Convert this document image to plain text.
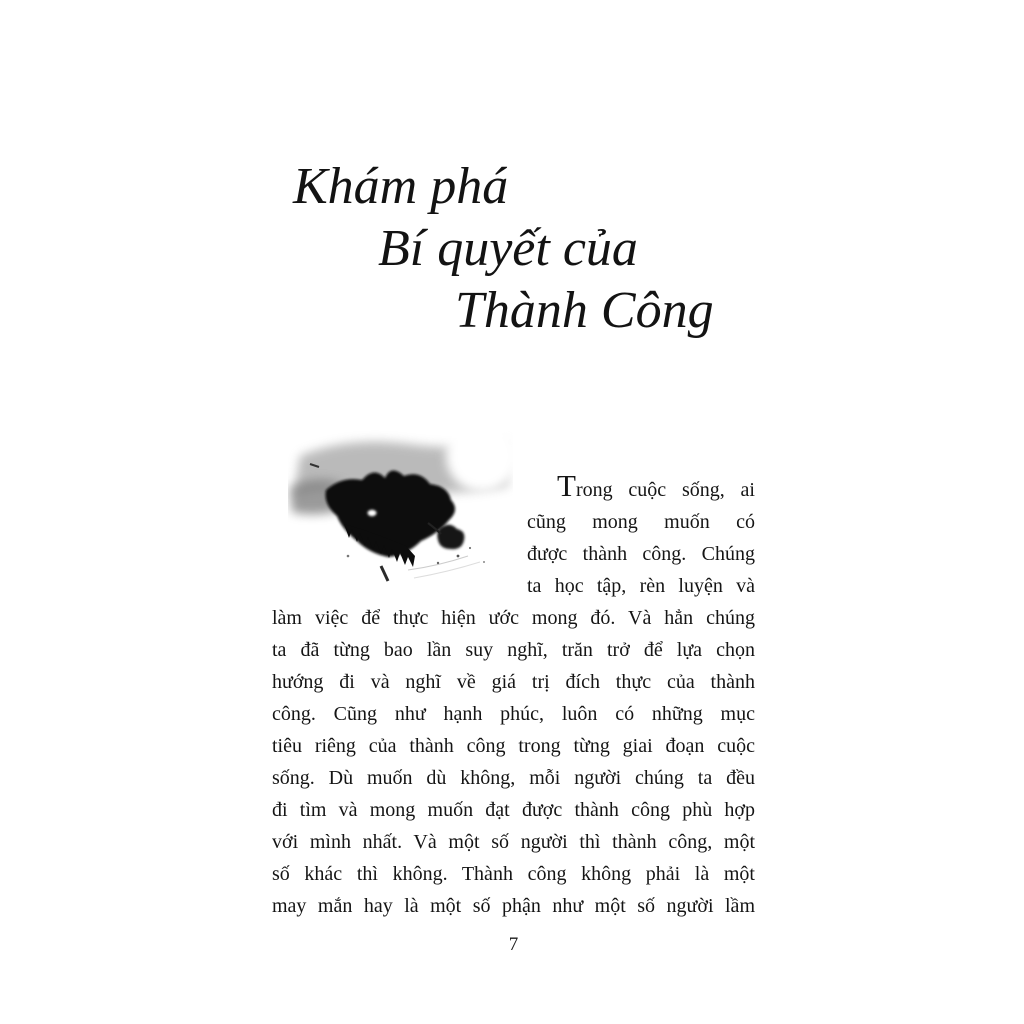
Khám phá
Bí quyết của
Thành Công
Trong cuộc sống, ai
cũng mong muốn có
được thành công. Chúng
ta học tập, rèn luyện và
làm việc để thực hiện ước mong đó. Và hẳn chúng
ta đã từng bao lần suy nghĩ, trăn trở để lựa chọn
hướng đi và nghĩ về giá trị đích thực của thành
công. Cũng như hạnh phúc, luôn có những mục
tiêu riêng của thành công trong từng giai đoạn cuộc
sống. Dù muốn dù không, mỗi người chúng ta đều
đi tìm và mong muốn đạt được thành công phù hợp
với mình nhất. Và một số người thì thành công, một
số khác thì không. Thành công không phải là một
may mắn hay là một số phận như một số người lầm
7
